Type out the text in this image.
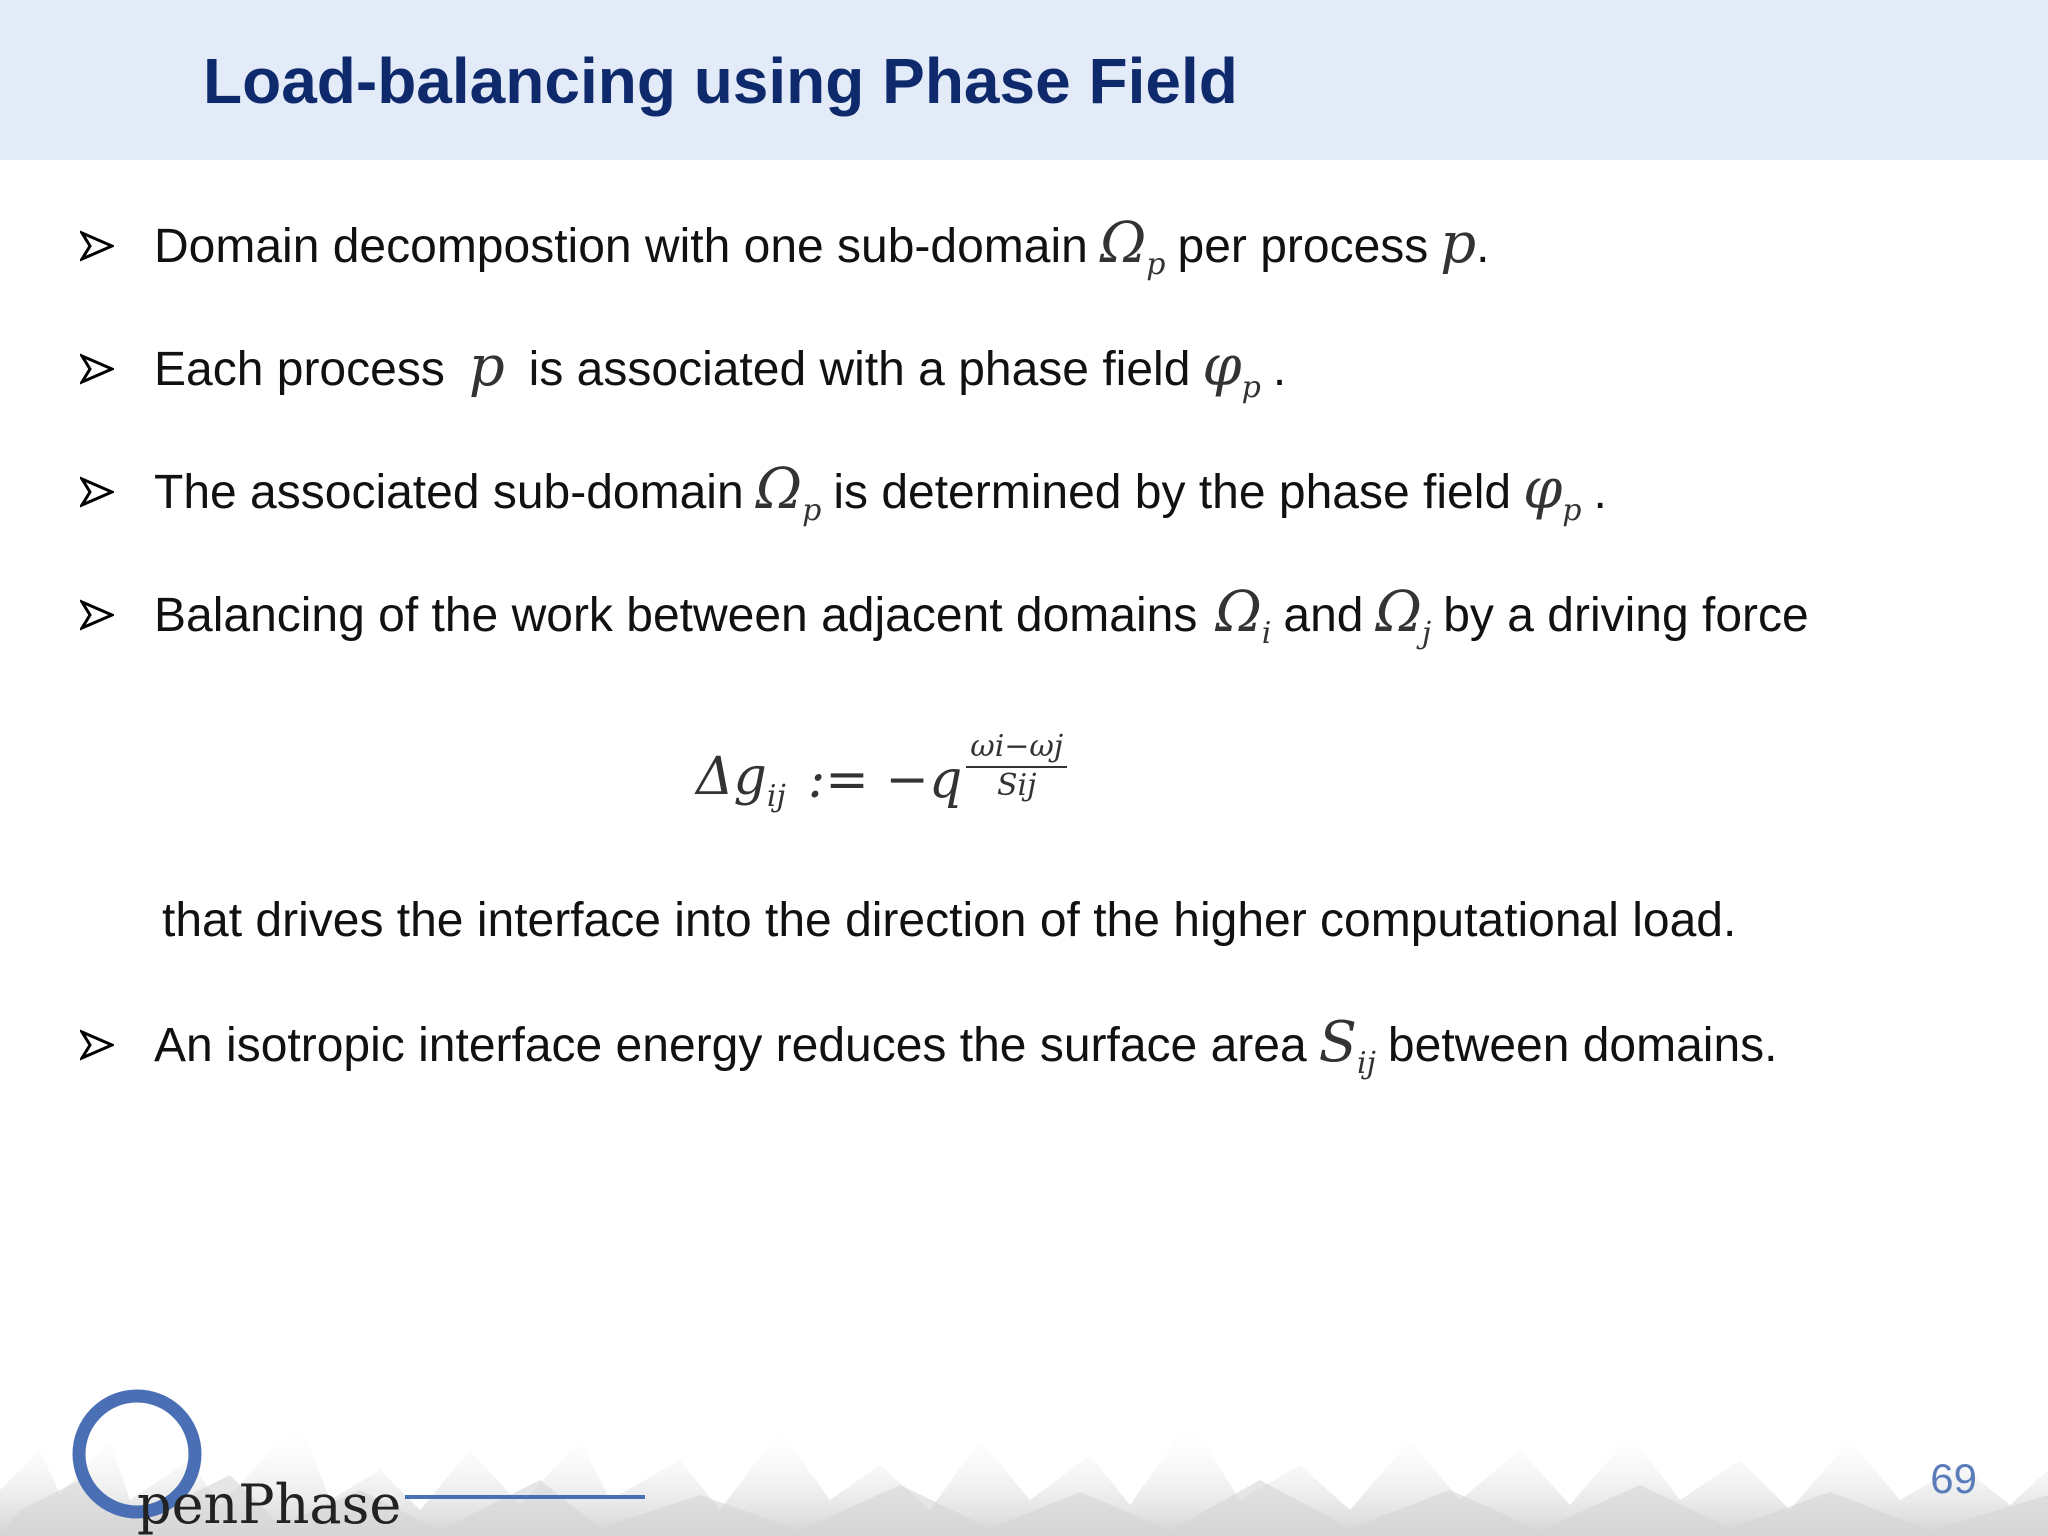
Load-balancing using Phase Field
Domain decompostion with one sub-domain $\Omega_p$ per process p .
Each process p is associated with a phase field $\varphi_p$ .
The associated sub-domain $\Omega_p$ is determined by the phase field $\varphi_p$ .
Balancing of the work between adjacent domains $\Omega_i$ and $\Omega_j$ by a driving force
$\Delta g_{ij}$ := $-q \frac{\omega i-\omega j}{\text{Sij}}$
that drives the interface into the direction of the higher computational load.
An isotropic interface energy reduces the surface area $S_{ij}$ between domains.
penPhase	69
